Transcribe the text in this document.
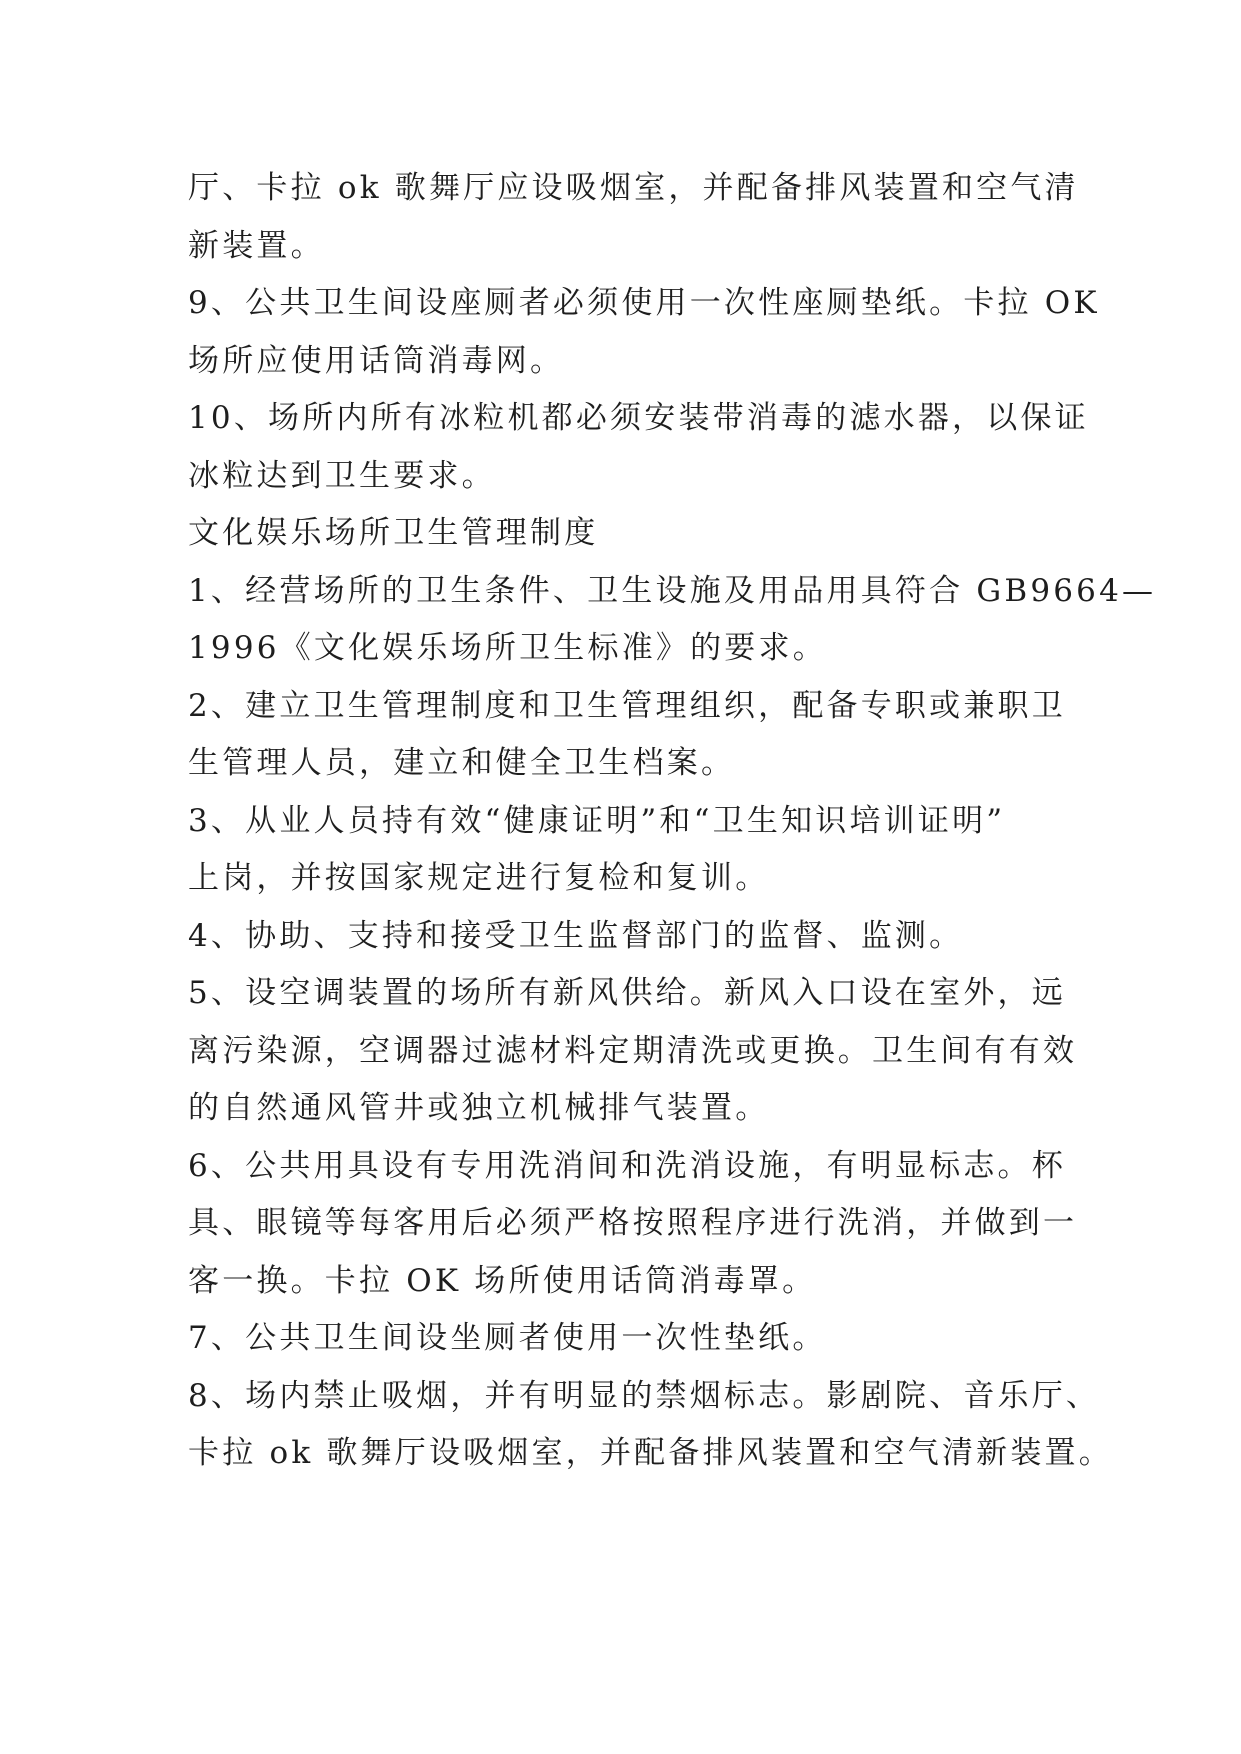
厅、卡拉 ok 歌舞厅应设吸烟室，并配备排风装置和空气清
新装置。
9、公共卫生间设座厕者必须使用一次性座厕垫纸。卡拉 OK
场所应使用话筒消毒网。
10、场所内所有冰粒机都必须安装带消毒的滤水器，以保证
冰粒达到卫生要求。
文化娱乐场所卫生管理制度
1、经营场所的卫生条件、卫生设施及用品用具符合 GB9664—
1996《文化娱乐场所卫生标准》的要求。
2、建立卫生管理制度和卫生管理组织，配备专职或兼职卫
生管理人员，建立和健全卫生档案。
3、从业人员持有效“健康证明”和“卫生知识培训证明”
上岗，并按国家规定进行复检和复训。
4、协助、支持和接受卫生监督部门的监督、监测。
5、设空调装置的场所有新风供给。新风入口设在室外，远
离污染源，空调器过滤材料定期清洗或更换。卫生间有有效
的自然通风管井或独立机械排气装置。
6、公共用具设有专用洗消间和洗消设施，有明显标志。杯
具、眼镜等每客用后必须严格按照程序进行洗消，并做到一
客一换。卡拉 OK 场所使用话筒消毒罩。
7、公共卫生间设坐厕者使用一次性垫纸。
8、场内禁止吸烟，并有明显的禁烟标志。影剧院、音乐厅、
卡拉 ok 歌舞厅设吸烟室，并配备排风装置和空气清新装置。
